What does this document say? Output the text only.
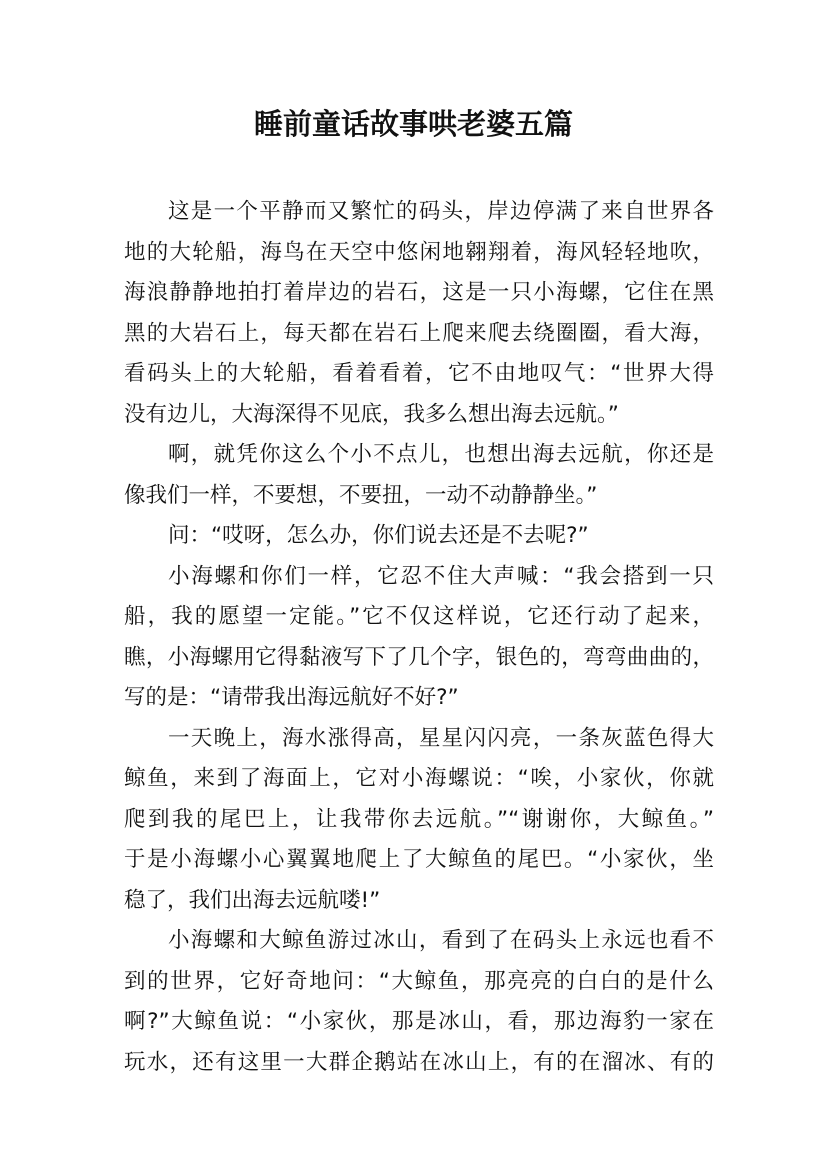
睡前童话故事哄老婆五篇
这是一个平静而又繁忙的码头，岸边停满了来自世界各
地的大轮船，海鸟在天空中悠闲地翱翔着，海风轻轻地吹，
海浪静静地拍打着岸边的岩石，这是一只小海螺，它住在黑
黑的大岩石上，每天都在岩石上爬来爬去绕圈圈，看大海，
看码头上的大轮船，看着看着，它不由地叹气：“世界大得
没有边儿，大海深得不见底，我多么想出海去远航。”
啊，就凭你这么个小不点儿，也想出海去远航，你还是
像我们一样，不要想，不要扭，一动不动静静坐。”
问：“哎呀，怎么办，你们说去还是不去呢?”
小海螺和你们一样，它忍不住大声喊：“我会搭到一只
船，我的愿望一定能。”它不仅这样说，它还行动了起来，
瞧，小海螺用它得黏液写下了几个字，银色的，弯弯曲曲的，
写的是：“请带我出海远航好不好?”
一天晚上，海水涨得高，星星闪闪亮，一条灰蓝色得大
鲸鱼，来到了海面上，它对小海螺说：“唉，小家伙，你就
爬到我的尾巴上，让我带你去远航。”“谢谢你，大鲸鱼。”
于是小海螺小心翼翼地爬上了大鲸鱼的尾巴。“小家伙，坐
稳了，我们出海去远航喽!”
小海螺和大鲸鱼游过冰山，看到了在码头上永远也看不
到的世界，它好奇地问：“大鲸鱼，那亮亮的白白的是什么
啊?”大鲸鱼说：“小家伙，那是冰山，看，那边海豹一家在
玩水，还有这里一大群企鹅站在冰山上，有的在溜冰、有的
